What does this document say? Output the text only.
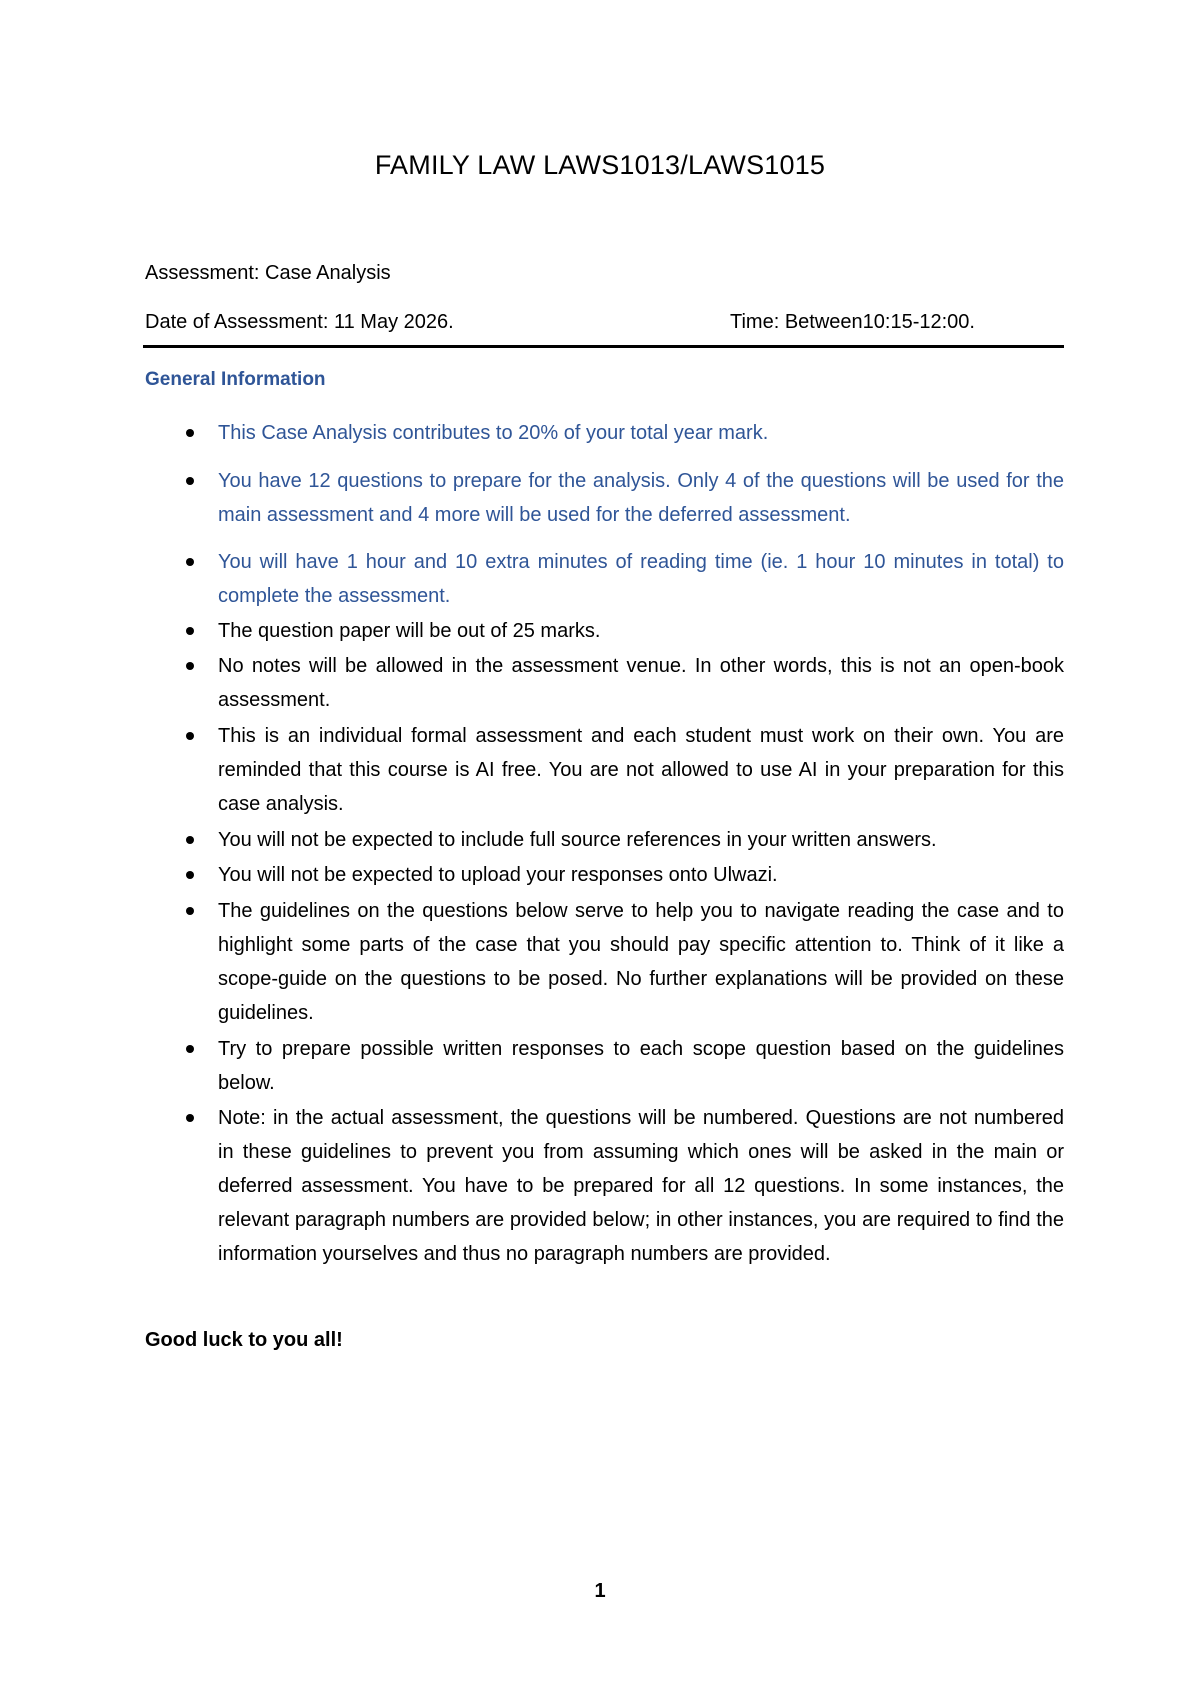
FAMILY LAW LAWS1013/LAWS1015
Assessment: Case Analysis
Date of Assessment: 11 May 2026.	Time: Between10:15-12:00.
General Information
This Case Analysis contributes to 20% of your total year mark.
You have 12 questions to prepare for the analysis. Only 4 of the questions will be used for the main assessment and 4 more will be used for the deferred assessment.
You will have 1 hour and 10 extra minutes of reading time (ie. 1 hour 10 minutes in total) to complete the assessment.
The question paper will be out of 25 marks.
No notes will be allowed in the assessment venue. In other words, this is not an open-book assessment.
This is an individual formal assessment and each student must work on their own. You are reminded that this course is AI free. You are not allowed to use AI in your preparation for this case analysis.
You will not be expected to include full source references in your written answers.
You will not be expected to upload your responses onto Ulwazi.
The guidelines on the questions below serve to help you to navigate reading the case and to highlight some parts of the case that you should pay specific attention to. Think of it like a scope-guide on the questions to be posed. No further explanations will be provided on these guidelines.
Try to prepare possible written responses to each scope question based on the guidelines below.
Note: in the actual assessment, the questions will be numbered. Questions are not numbered in these guidelines to prevent you from assuming which ones will be asked in the main or deferred assessment. You have to be prepared for all 12 questions. In some instances, the relevant paragraph numbers are provided below; in other instances, you are required to find the information yourselves and thus no paragraph numbers are provided.
Good luck to you all!
1
